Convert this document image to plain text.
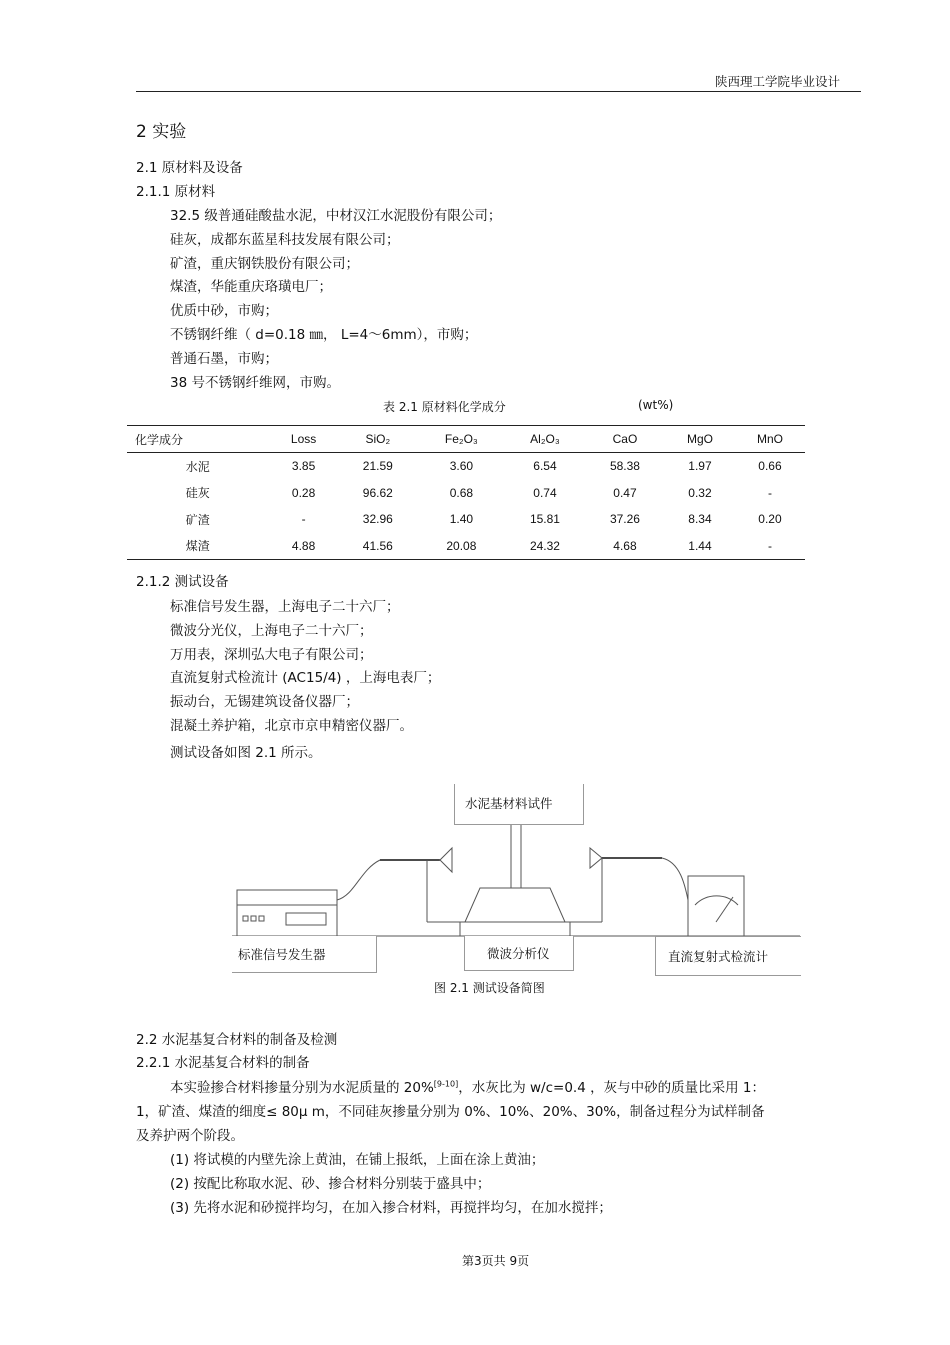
陕西理工学院毕业设计
2 实验
2.1 原材料及设备
2.1.1 原材料
32.5 级普通硅酸盐水泥，中材汉江水泥股份有限公司；
硅灰，成都东蓝星科技发展有限公司；
矿渣，重庆钢铁股份有限公司；
煤渣，华能重庆珞璜电厂；
优质中砂，市购；
不锈钢纤维（ d=0.18 ㎜， L=4～6mm），市购；
普通石墨，市购；
38 号不锈钢纤维网，市购。
表 2.1 原材料化学成分	(wt%)
化学成分	Loss	SiO₂	Fe₂O₃	Al₂O₃	CaO	MgO	MnO
水泥	3.85	21.59	3.60	6.54	58.38	1.97	0.66
硅灰	0.28	96.62	0.68	0.74	0.47	0.32	-
矿渣	-	32.96	1.40	15.81	37.26	8.34	0.20
煤渣	4.88	41.56	20.08	24.32	4.68	1.44	-
2.1.2 测试设备
标准信号发生器，上海电子二十六厂；
微波分光仪，上海电子二十六厂；
万用表，深圳弘大电子有限公司；
直流复射式检流计 (AC15/4) ，上海电表厂；
振动台，无锡建筑设备仪器厂；
混凝土养护箱，北京市京申精密仪器厂。
测试设备如图 2.1 所示。
水泥基材料试件
标准信号发生器	微波分析仪	直流复射式检流计
图 2.1 测试设备简图
2.2 水泥基复合材料的制备及检测
2.2.1 水泥基复合材料的制备
本实验掺合材料掺量分别为水泥质量的 20%[9-10]，水灰比为 w/c=0.4 ，灰与中砂的质量比采用 1：
1，矿渣、煤渣的细度≤ 80μ m，不同硅灰掺量分别为 0%、10%、20%、30%，制备过程分为试样制备
及养护两个阶段。
(1) 将试模的内壁先涂上黄油，在铺上报纸，上面在涂上黄油；
(2) 按配比称取水泥、砂、掺合材料分别装于盛具中；
(3) 先将水泥和砂搅拌均匀，在加入掺合材料，再搅拌均匀，在加水搅拌；
第3页共 9页
